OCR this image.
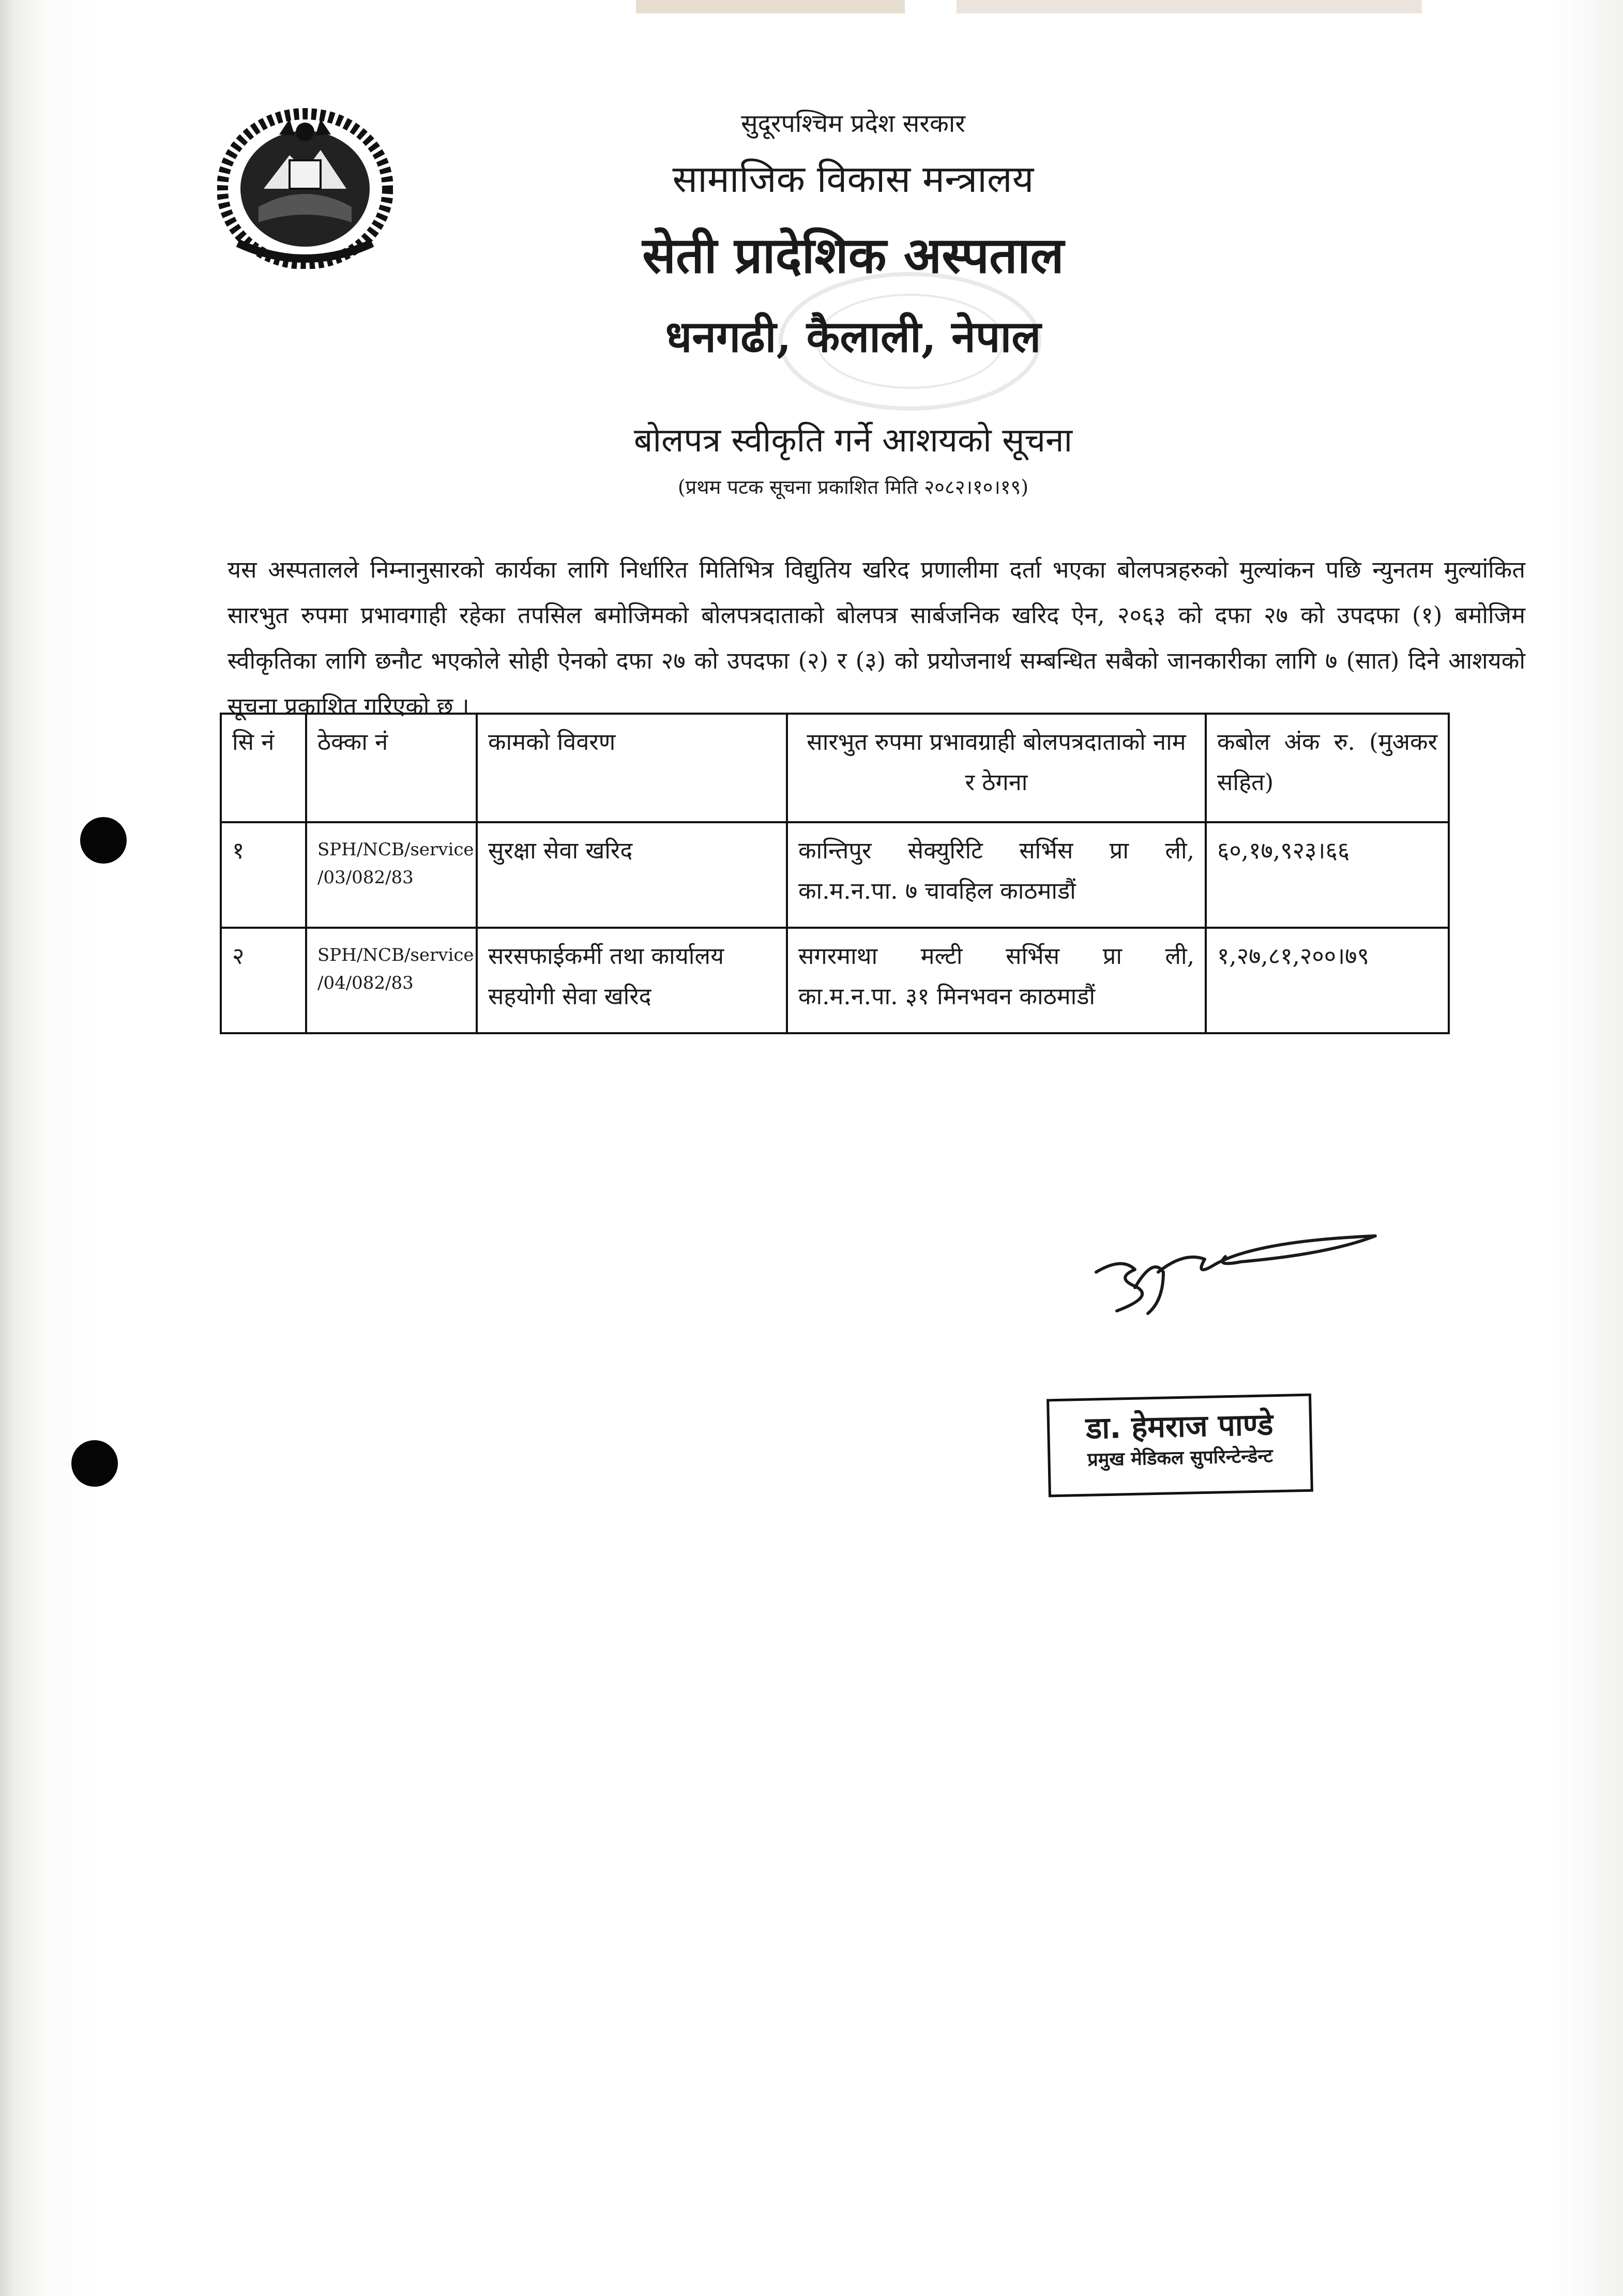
सुदूरपश्चिम प्रदेश सरकार
सामाजिक विकास मन्त्रालय
सेती प्रादेशिक अस्पताल
धनगढी, कैलाली, नेपाल
बोलपत्र स्वीकृति गर्ने आशयको सूचना
(प्रथम पटक सूचना प्रकाशित मिति २०८२।१०।१९)
यस अस्पतालले निम्नानुसारको कार्यका लागि निर्धारित मितिभित्र विद्युतिय खरिद प्रणालीमा दर्ता भएका बोलपत्रहरुको मुल्यांकन पछि न्युनतम मुल्यांकित सारभुत रुपमा प्रभावगाही रहेका तपसिल बमोजिमको बोलपत्रदाताको बोलपत्र सार्बजनिक खरिद ऐन, २०६३ को दफा २७ को उपदफा (१) बमोजिम स्वीकृतिका लागि छनौट भएकोले सोही ऐनको दफा २७ को उपदफा (२) र (३) को प्रयोजनार्थ सम्बन्धित सबैको जानकारीका लागि ७ (सात) दिने आशयको सूचना प्रकाशित गरिएको छ ।
सि नं	ठेक्का नं	कामको विवरण	सारभुत रुपमा प्रभावग्राही बोलपत्रदाताको नाम र ठेगना	कबोल अंक रु. (मुअकर सहित)
१	SPH/NCB/service /03/082/83	सुरक्षा सेवा खरिद	कान्तिपुर सेक्युरिटि सर्भिस प्रा ली,
का.म.न.पा. ७ चावहिल काठमाडौं	६०,१७,९२३।६६
२	SPH/NCB/service /04/082/83	सरसफाईकर्मी तथा कार्यालय सहयोगी सेवा खरिद	सगरमाथा मल्टी सर्भिस प्रा ली,
का.म.न.पा. ३१ मिनभवन काठमाडौं	१,२७,८१,२००।७९
डा. हेमराज पाण्डे
प्रमुख मेडिकल सुपरिन्टेन्डेन्ट
